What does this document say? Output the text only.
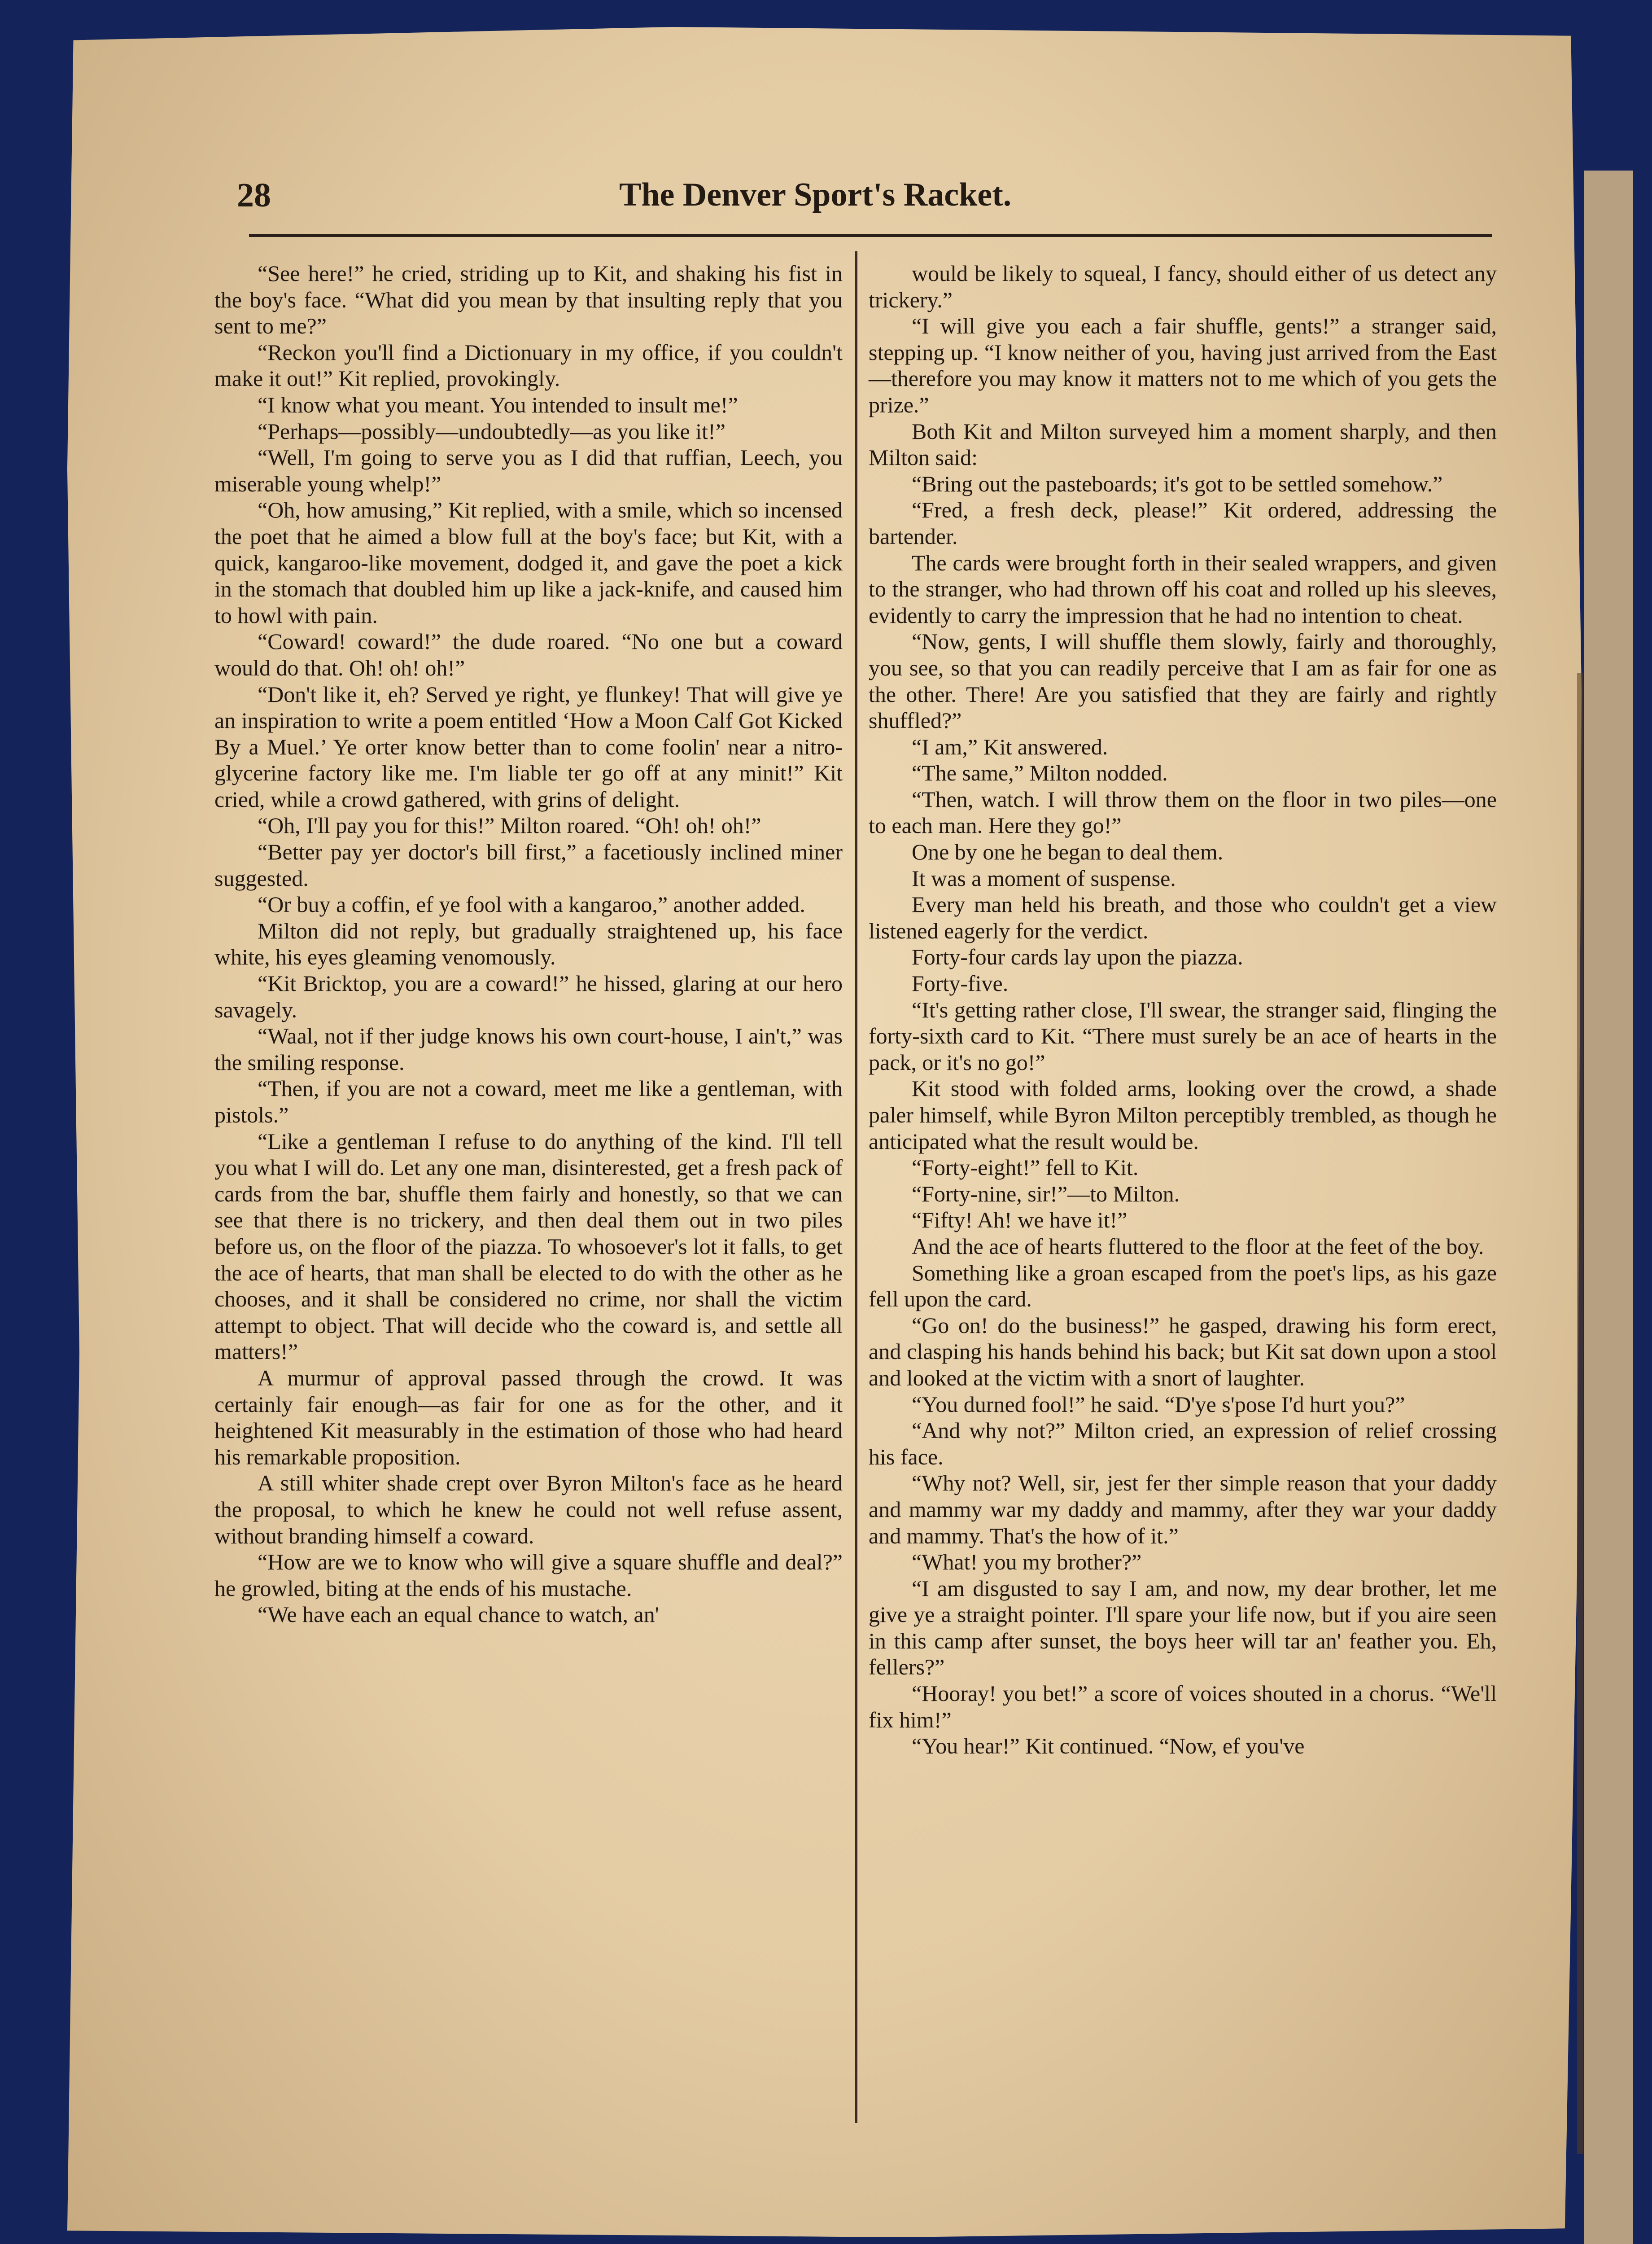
28	The Denver Sport's Racket.

“See here!” he cried, striding up to Kit, and shaking his fist in the boy's face. “What did you mean by that insulting reply that you sent to me?”

“Reckon you'll find a Dictionuary in my office, if you couldn't make it out!” Kit replied, provokingly.

“I know what you meant. You intended to insult me!”

“Perhaps—possibly—undoubtedly—as you like it!”

“Well, I'm going to serve you as I did that ruffian, Leech, you miserable young whelp!”

“Oh, how amusing,” Kit replied, with a smile, which so incensed the poet that he aimed a blow full at the boy's face; but Kit, with a quick, kangaroo-like movement, dodged it, and gave the poet a kick in the stomach that doubled him up like a jack-knife, and caused him to howl with pain.

“Coward! coward!” the dude roared. “No one but a coward would do that. Oh! oh! oh!”

“Don't like it, eh? Served ye right, ye flunkey! That will give ye an inspiration to write a poem entitled ‘How a Moon Calf Got Kicked By a Muel.’ Ye orter know better than to come foolin' near a nitro-glycerine factory like me. I'm liable ter go off at any minit!” Kit cried, while a crowd gathered, with grins of delight.

“Oh, I'll pay you for this!” Milton roared. “Oh! oh! oh!”

“Better pay yer doctor's bill first,” a facetiously inclined miner suggested.

“Or buy a coffin, ef ye fool with a kangaroo,” another added.

Milton did not reply, but gradually straightened up, his face white, his eyes gleaming venomously.

“Kit Bricktop, you are a coward!” he hissed, glaring at our hero savagely.

“Waal, not if ther judge knows his own court-house, I ain't,” was the smiling response.

“Then, if you are not a coward, meet me like a gentleman, with pistols.”

“Like a gentleman I refuse to do anything of the kind. I'll tell you what I will do. Let any one man, disinterested, get a fresh pack of cards from the bar, shuffle them fairly and honestly, so that we can see that there is no trickery, and then deal them out in two piles before us, on the floor of the piazza. To whosoever's lot it falls, to get the ace of hearts, that man shall be elected to do with the other as he chooses, and it shall be considered no crime, nor shall the victim attempt to object. That will decide who the coward is, and settle all matters!”

A murmur of approval passed through the crowd. It was certainly fair enough—as fair for one as for the other, and it heightened Kit measurably in the estimation of those who had heard his remarkable proposition.

A still whiter shade crept over Byron Milton's face as he heard the proposal, to which he knew he could not well refuse assent, without branding himself a coward.

“How are we to know who will give a square shuffle and deal?” he growled, biting at the ends of his mustache.

“We have each an equal chance to watch, an'

would be likely to squeal, I fancy, should either of us detect any trickery.”

“I will give you each a fair shuffle, gents!” a stranger said, stepping up. “I know neither of you, having just arrived from the East—therefore you may know it matters not to me which of you gets the prize.”

Both Kit and Milton surveyed him a moment sharply, and then Milton said:

“Bring out the pasteboards; it's got to be settled somehow.”

“Fred, a fresh deck, please!” Kit ordered, addressing the bartender.

The cards were brought forth in their sealed wrappers, and given to the stranger, who had thrown off his coat and rolled up his sleeves, evidently to carry the impression that he had no intention to cheat.

“Now, gents, I will shuffle them slowly, fairly and thoroughly, you see, so that you can readily perceive that I am as fair for one as the other. There! Are you satisfied that they are fairly and rightly shuffled?”

“I am,” Kit answered.

“The same,” Milton nodded.

“Then, watch. I will throw them on the floor in two piles—one to each man. Here they go!”

One by one he began to deal them.

It was a moment of suspense.

Every man held his breath, and those who couldn't get a view listened eagerly for the verdict.

Forty-four cards lay upon the piazza.

Forty-five.

“It's getting rather close, I'll swear, the stranger said, flinging the forty-sixth card to Kit. “There must surely be an ace of hearts in the pack, or it's no go!”

Kit stood with folded arms, looking over the crowd, a shade paler himself, while Byron Milton perceptibly trembled, as though he anticipated what the result would be.

“Forty-eight!” fell to Kit.

“Forty-nine, sir!”—to Milton.

“Fifty! Ah! we have it!”

And the ace of hearts fluttered to the floor at the feet of the boy.

Something like a groan escaped from the poet's lips, as his gaze fell upon the card.

“Go on! do the business!” he gasped, drawing his form erect, and clasping his hands behind his back; but Kit sat down upon a stool and looked at the victim with a snort of laughter.

“You durned fool!” he said. “D'ye s'pose I'd hurt you?”

“And why not?” Milton cried, an expression of relief crossing his face.

“Why not? Well, sir, jest fer ther simple reason that your daddy and mammy war my daddy and mammy, after they war your daddy and mammy. That's the how of it.”

“What! you my brother?”

“I am disgusted to say I am, and now, my dear brother, let me give ye a straight pointer. I'll spare your life now, but if you aire seen in this camp after sunset, the boys heer will tar an' feather you. Eh, fellers?”

“Hooray! you bet!” a score of voices shouted in a chorus. “We'll fix him!”

“You hear!” Kit continued. “Now, ef you've
